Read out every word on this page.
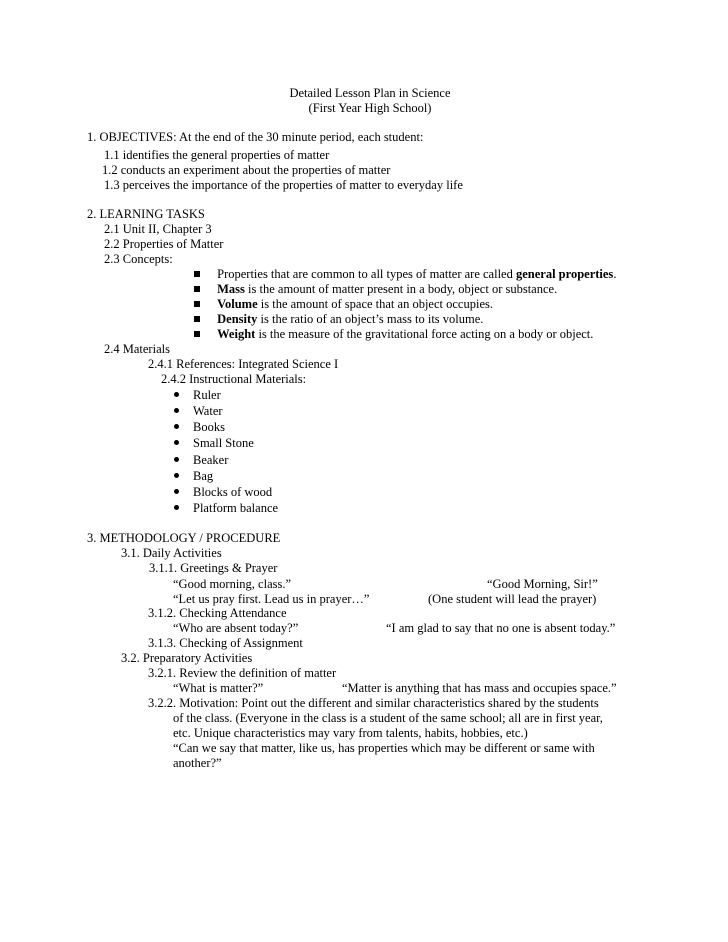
Detailed Lesson Plan in Science
(First Year High School)
1. OBJECTIVES: At the end of the 30 minute period, each student:
1.1 identifies the general properties of matter
1.2 conducts an experiment about the properties of matter
1.3 perceives the importance of the properties of matter to everyday life
2. LEARNING TASKS
2.1 Unit II, Chapter 3
2.2 Properties of Matter
2.3 Concepts:
Properties that are common to all types of matter are called general properties.
Mass is the amount of matter present in a body, object or substance.
Volume is the amount of space that an object occupies.
Density is the ratio of an object’s mass to its volume.
Weight is the measure of the gravitational force acting on a body or object.
2.4 Materials
2.4.1 References: Integrated Science I
2.4.2 Instructional Materials:
Ruler
Water
Books
Small Stone
Beaker
Bag
Blocks of wood
Platform balance
3. METHODOLOGY / PROCEDURE
3.1. Daily Activities
3.1.1. Greetings & Prayer
“Good morning, class.”	“Good Morning, Sir!”
“Let us pray first. Lead us in prayer…”	(One student will lead the prayer)
3.1.2. Checking Attendance
“Who are absent today?”	“I am glad to say that no one is absent today.”
3.1.3. Checking of Assignment
3.2. Preparatory Activities
3.2.1. Review the definition of matter
“What is matter?”	“Matter is anything that has mass and occupies space.”
3.2.2. Motivation: Point out the different and similar characteristics shared by the students
of the class. (Everyone in the class is a student of the same school; all are in first year,
etc. Unique characteristics may vary from talents, habits, hobbies, etc.)
“Can we say that matter, like us, has properties which may be different or same with
another?”
